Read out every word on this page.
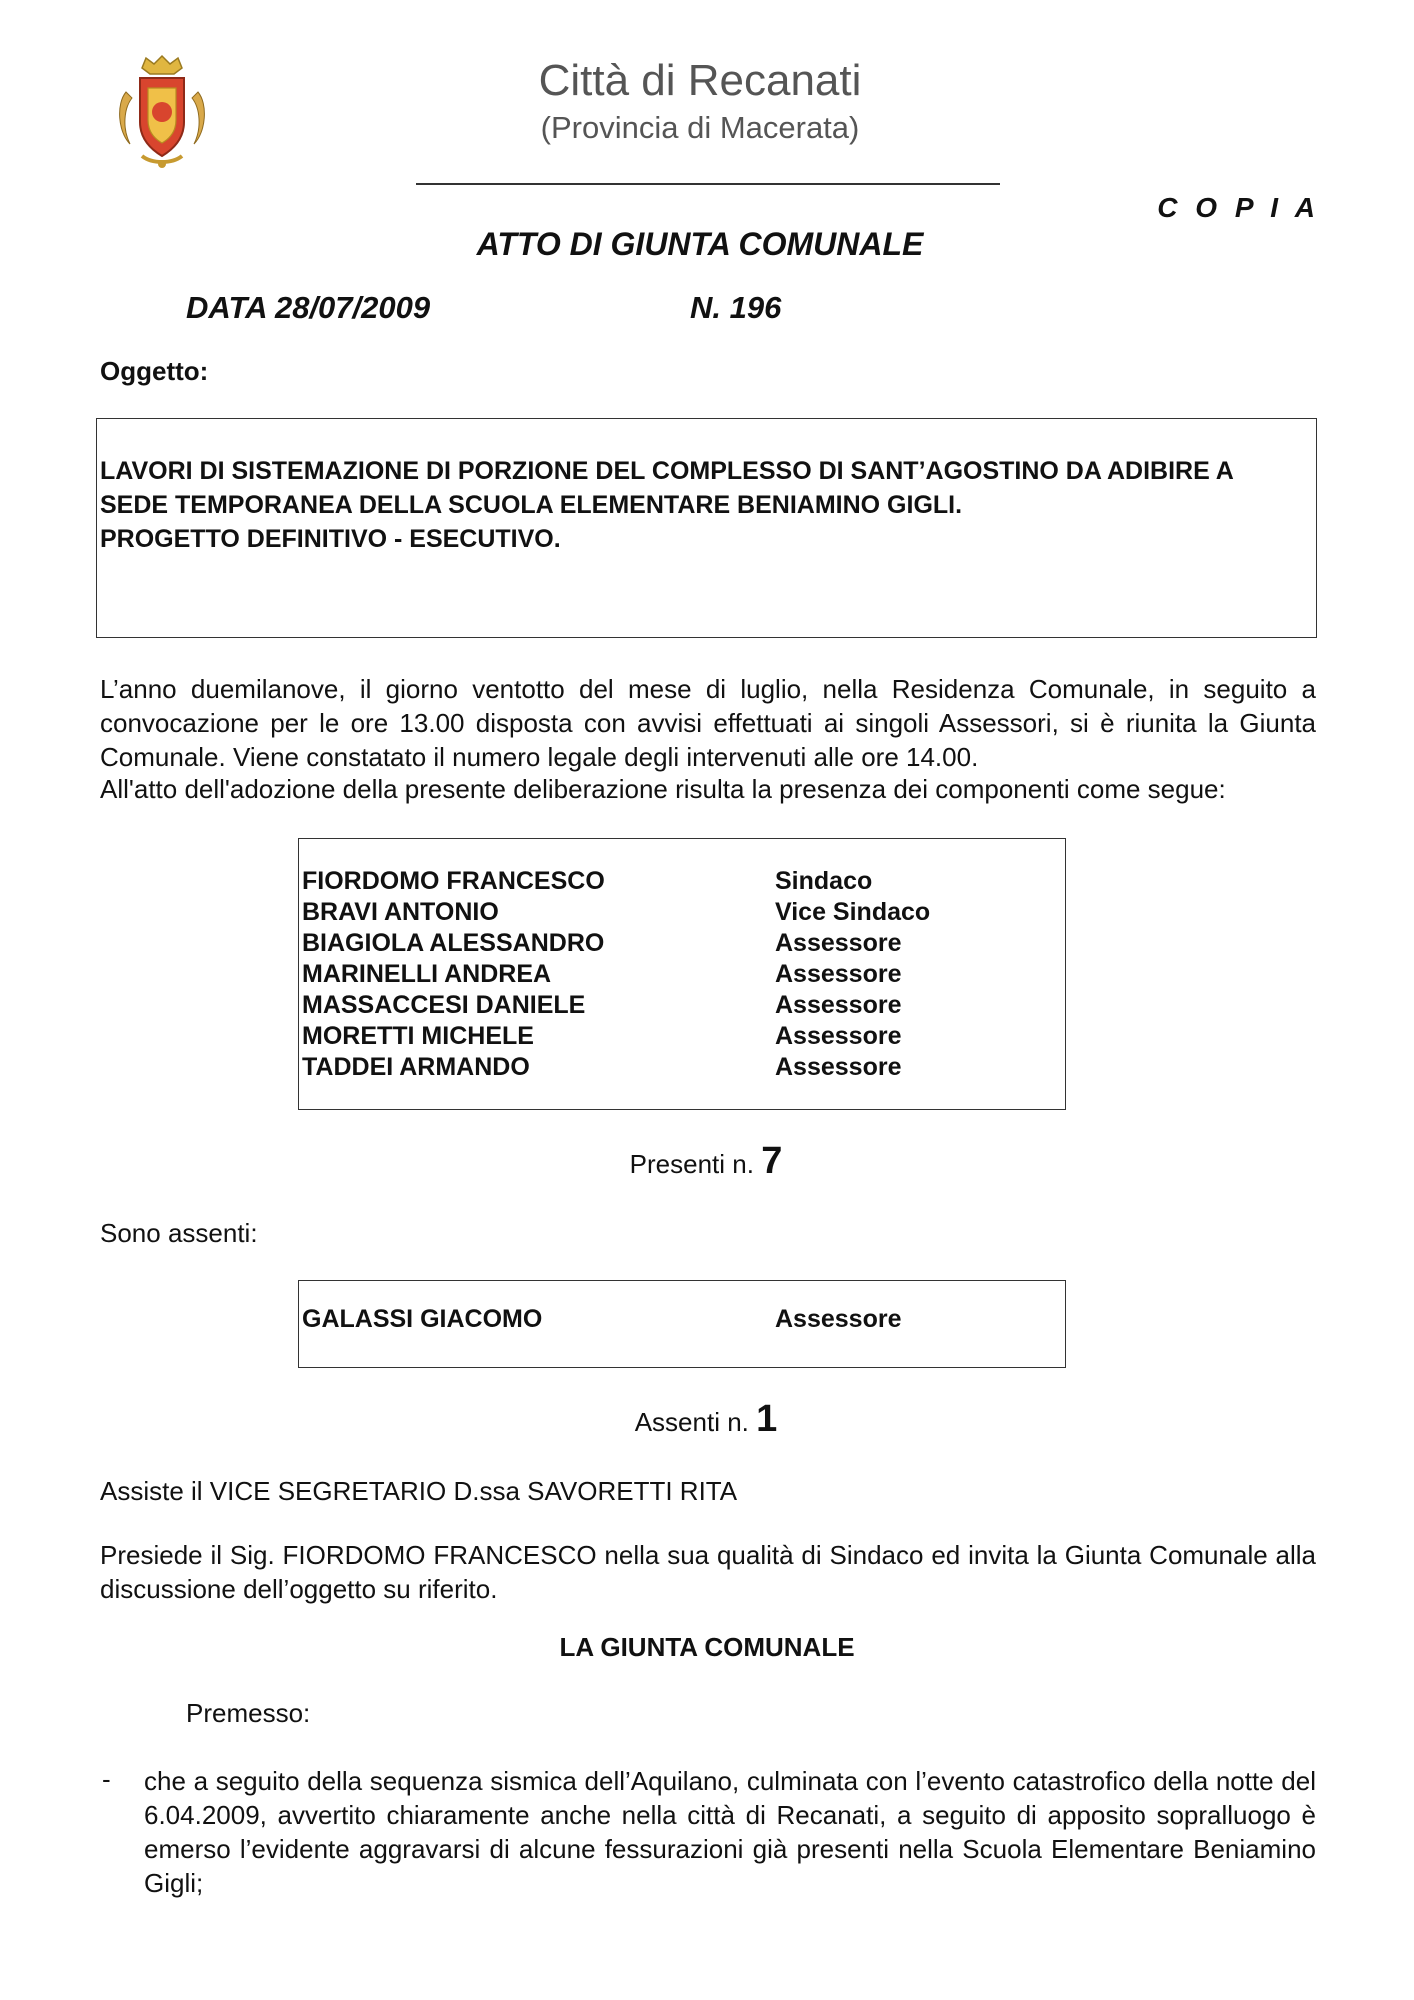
Città di Recanati
(Provincia di Macerata)
C O P I A
ATTO DI GIUNTA COMUNALE
DATA 28/07/2009	N. 196
Oggetto:
LAVORI DI SISTEMAZIONE DI PORZIONE DEL COMPLESSO DI SANT’AGOSTINO DA ADIBIRE A
SEDE TEMPORANEA DELLA SCUOLA ELEMENTARE BENIAMINO GIGLI.
PROGETTO DEFINITIVO - ESECUTIVO.
L’anno duemilanove, il giorno ventotto del mese di luglio, nella Residenza Comunale, in seguito a convocazione per le ore 13.00 disposta con avvisi effettuati ai singoli Assessori, si è riunita la Giunta Comunale. Viene constatato il numero legale degli intervenuti alle ore 14.00.
All'atto dell'adozione della presente deliberazione risulta la presenza dei componenti come segue:
FIORDOMO FRANCESCO	Sindaco
BRAVI ANTONIO	Vice Sindaco
BIAGIOLA ALESSANDRO	Assessore
MARINELLI ANDREA	Assessore
MASSACCESI DANIELE	Assessore
MORETTI MICHELE	Assessore
TADDEI ARMANDO	Assessore
Presenti n. 7
Sono assenti:
GALASSI GIACOMO	Assessore
Assenti n. 1
Assiste il VICE SEGRETARIO D.ssa SAVORETTI RITA
Presiede il Sig. FIORDOMO FRANCESCO nella sua qualità di Sindaco ed invita la Giunta Comunale alla discussione dell’oggetto su riferito.
LA GIUNTA COMUNALE
Premesso:
- che a seguito della sequenza sismica dell’Aquilano, culminata con l’evento catastrofico della notte del 6.04.2009, avvertito chiaramente anche nella città di Recanati, a seguito di apposito sopralluogo è emerso l’evidente aggravarsi di alcune fessurazioni già presenti nella Scuola Elementare Beniamino Gigli;
